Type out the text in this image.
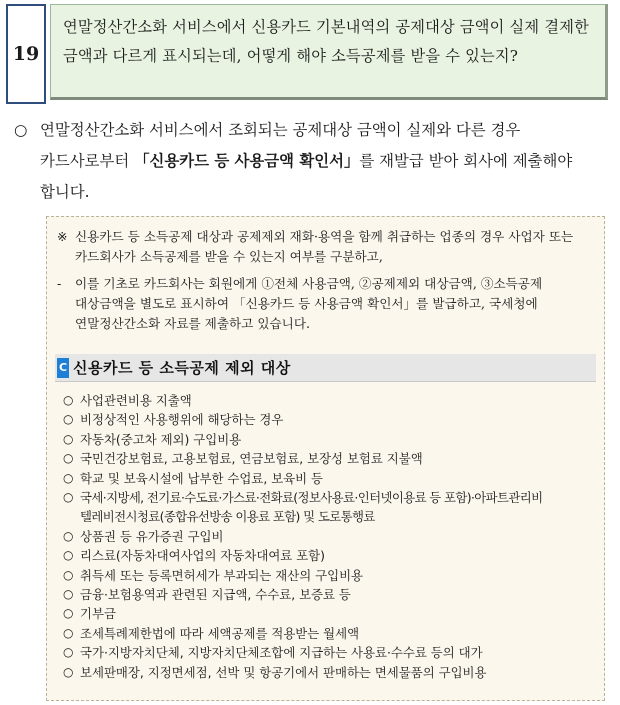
19
연말정산간소화 서비스에서 신용카드 기본내역의 공제대상 금액이 실제 결제한 금액과 다르게 표시되는데, 어떻게 해야 소득공제를 받을 수 있는지?
○ 연말정산간소화 서비스에서 조회되는 공제대상 금액이 실제와 다른 경우 카드사로부터 「신용카드 등 사용금액 확인서」를 재발급 받아 회사에 제출해야 합니다.
※ 신용카드 등 소득공제 대상과 공제제외 재화·용역을 함께 취급하는 업종의 경우 사업자 또는 카드회사가 소득공제를 받을 수 있는지 여부를 구분하고,
-	이를 기초로 카드회사는 회원에게 ①전체 사용금액, ②공제제외 대상금액, ③소득공제 대상금액을 별도로 표시하여 「신용카드 등 사용금액 확인서」를 발급하고, 국세청에 연말정산간소화 자료를 제출하고 있습니다.
C 신용카드 등 소득공제 제외 대상
○ 사업관련비용 지출액
○ 비정상적인 사용행위에 해당하는 경우
○ 자동차(중고차 제외) 구입비용
○ 국민건강보험료, 고용보험료, 연금보험료, 보장성 보험료 지불액
○ 학교 및 보육시설에 납부한 수업료, 보육비 등
○ 국세·지방세, 전기료·수도료·가스료·전화료(정보사용료·인터넷이용료 등 포함)·아파트관리비 텔레비전시청료(종합유선방송 이용료 포함) 및 도로통행료
○ 상품권 등 유가증권 구입비
○ 리스료(자동차대여사업의 자동차대여료 포함)
○ 취득세 또는 등록면허세가 부과되는 재산의 구입비용
○ 금융·보험용역과 관련된 지급액, 수수료, 보증료 등
○ 기부금
○ 조세특례제한법에 따라 세액공제를 적용받는 월세액
○ 국가·지방자치단체, 지방자치단체조합에 지급하는 사용료·수수료 등의 대가
○ 보세판매장, 지정면세점, 선박 및 항공기에서 판매하는 면세물품의 구입비용
